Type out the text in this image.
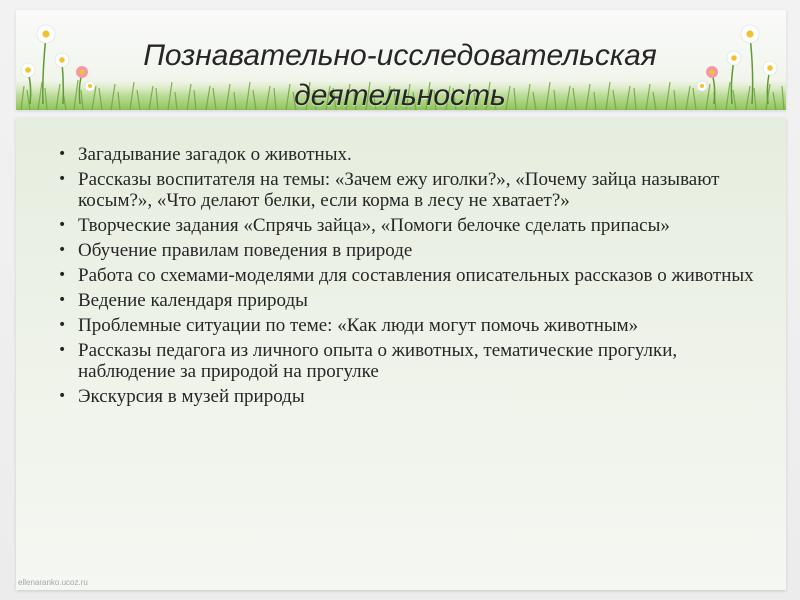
Познавательно-исследовательская деятельность
• Загадывание загадок о животных.
• Рассказы воспитателя на темы: «Зачем ежу иголки?», «Почему зайца называют косым?», «Что делают белки, если корма в лесу не хватает?»
• Творческие задания «Спрячь зайца», «Помоги белочке сделать припасы»
• Обучение правилам поведения в природе
• Работа со схемами-моделями для составления описательных рассказов о животных
• Ведение календаря природы
• Проблемные ситуации по теме: «Как люди могут помочь животным»
• Рассказы педагога из личного опыта о животных, тематические прогулки, наблюдение за природой на прогулке
• Экскурсия в музей природы
ellenaranko.ucoz.ru
